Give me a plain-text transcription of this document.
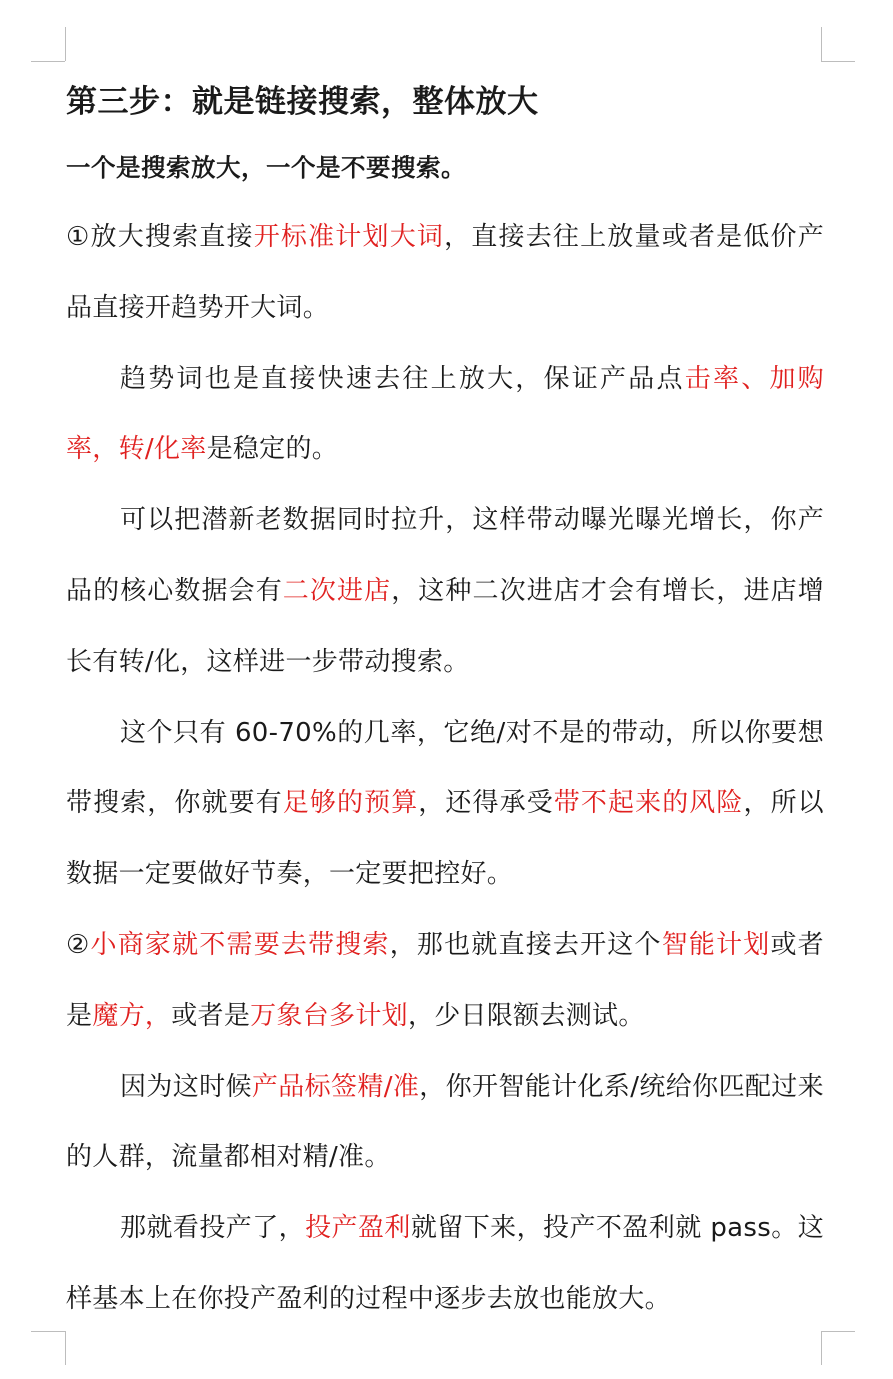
第三步：就是链接搜索，整体放大
一个是搜索放大，一个是不要搜索。

①放大搜索直接开标准计划大词，直接去往上放量或者是低价产品直接开趋势开大词。

趋势词也是直接快速去往上放大，保证产品点击率、加购率，转/化率是稳定的。

可以把潜新老数据同时拉升，这样带动曝光曝光增长，你产品的核心数据会有二次进店，这种二次进店才会有增长，进店增长有转/化，这样进一步带动搜索。

这个只有 60-70%的几率，它绝/对不是的带动，所以你要想带搜索，你就要有足够的预算，还得承受带不起来的风险，所以数据一定要做好节奏，一定要把控好。

②小商家就不需要去带搜索，那也就直接去开这个智能计划或者是魔方，或者是万象台多计划，少日限额去测试。

因为这时候产品标签精/准，你开智能计化系/统给你匹配过来的人群，流量都相对精/准。

那就看投产了，投产盈利就留下来，投产不盈利就 pass。这样基本上在你投产盈利的过程中逐步去放也能放大。
